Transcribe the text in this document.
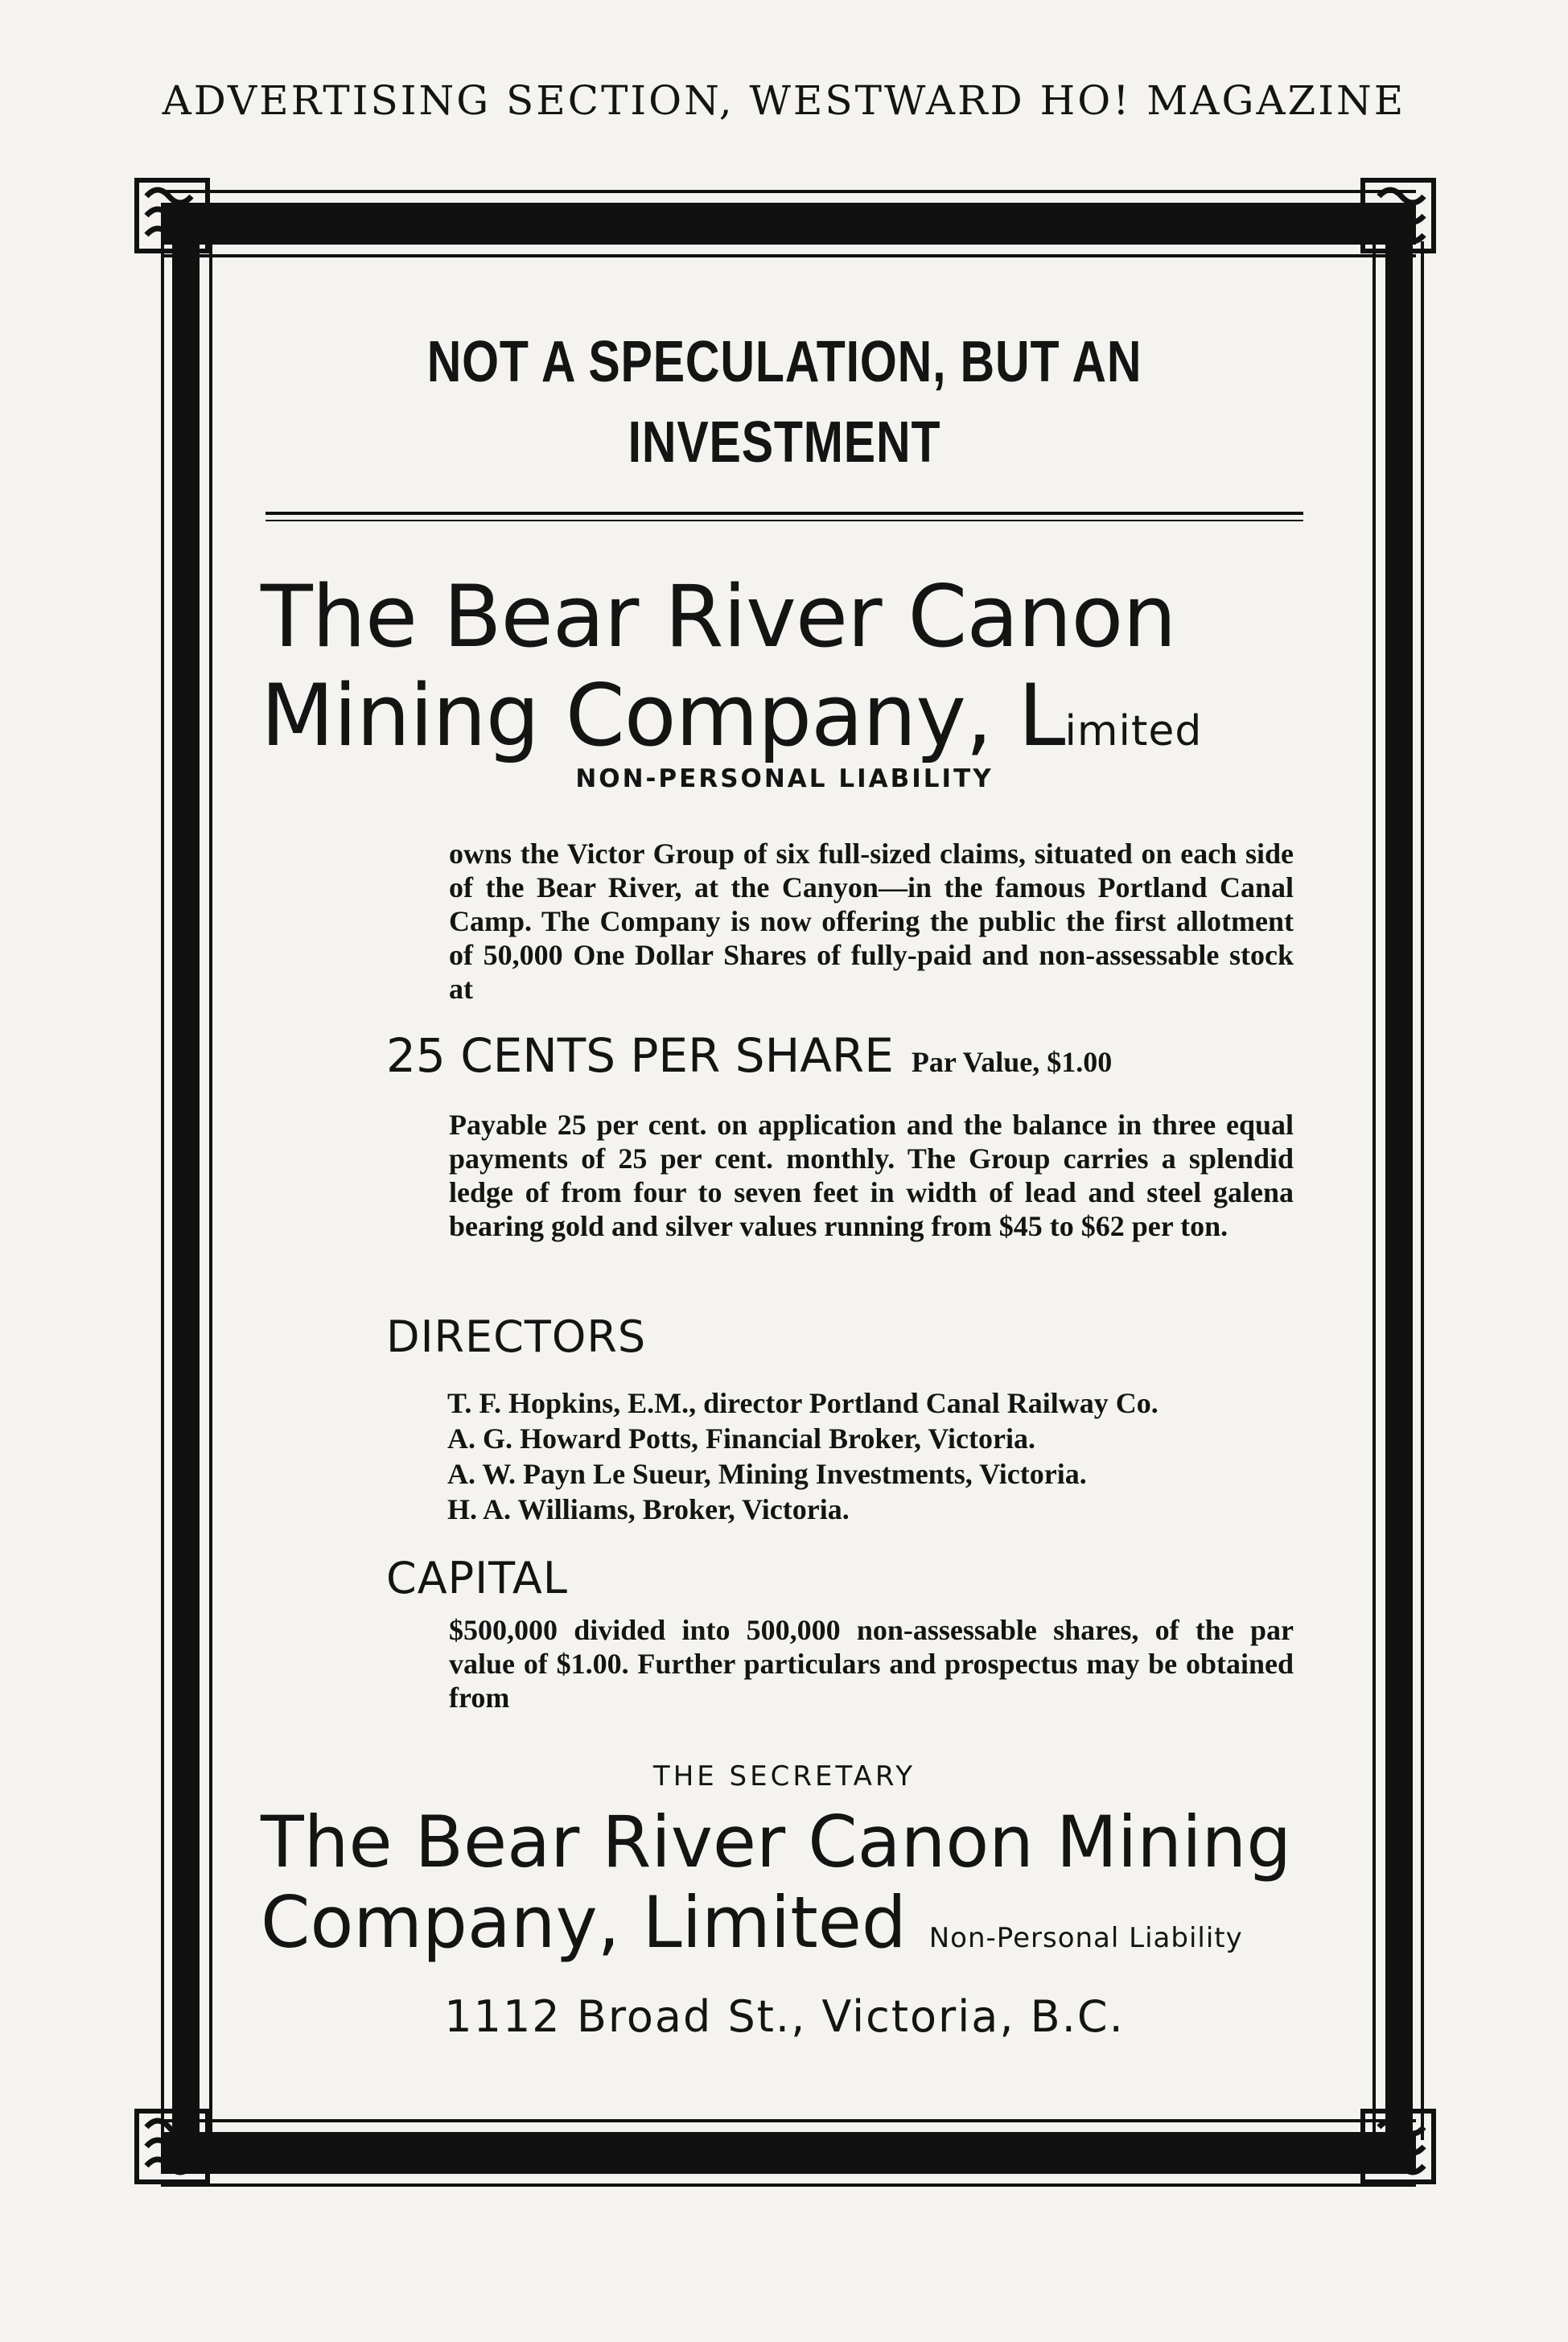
ADVERTISING SECTION, WESTWARD HO! MAGAZINE
NOT A SPECULATION, BUT AN
INVESTMENT
The Bear River Canon
Mining Company, Limited
NON-PERSONAL LIABILITY
owns the Victor Group of six full-sized claims, situated on each side of the Bear River, at the Canyon—in the famous Portland Canal Camp. The Company is now offering the public the first allotment of 50,000 One Dollar Shares of fully-paid and non-assessable stock at
25 CENTS PER SHARE Par Value, $1.00
Payable 25 per cent. on application and the balance in three equal payments of 25 per cent. monthly. The Group carries a splendid ledge of from four to seven feet in width of lead and steel galena bearing gold and silver values running from $45 to $62 per ton.
DIRECTORS
T. F. Hopkins, E.M., director Portland Canal Railway Co.
A. G. Howard Potts, Financial Broker, Victoria.
A. W. Payn Le Sueur, Mining Investments, Victoria.
H. A. Williams, Broker, Victoria.
CAPITAL
$500,000 divided into 500,000 non-assessable shares, of the par value of $1.00. Further particulars and prospectus may be obtained from
THE SECRETARY
The Bear River Canon Mining
Company, Limited Non-Personal Liability
1112 Broad St., Victoria, B.C.
